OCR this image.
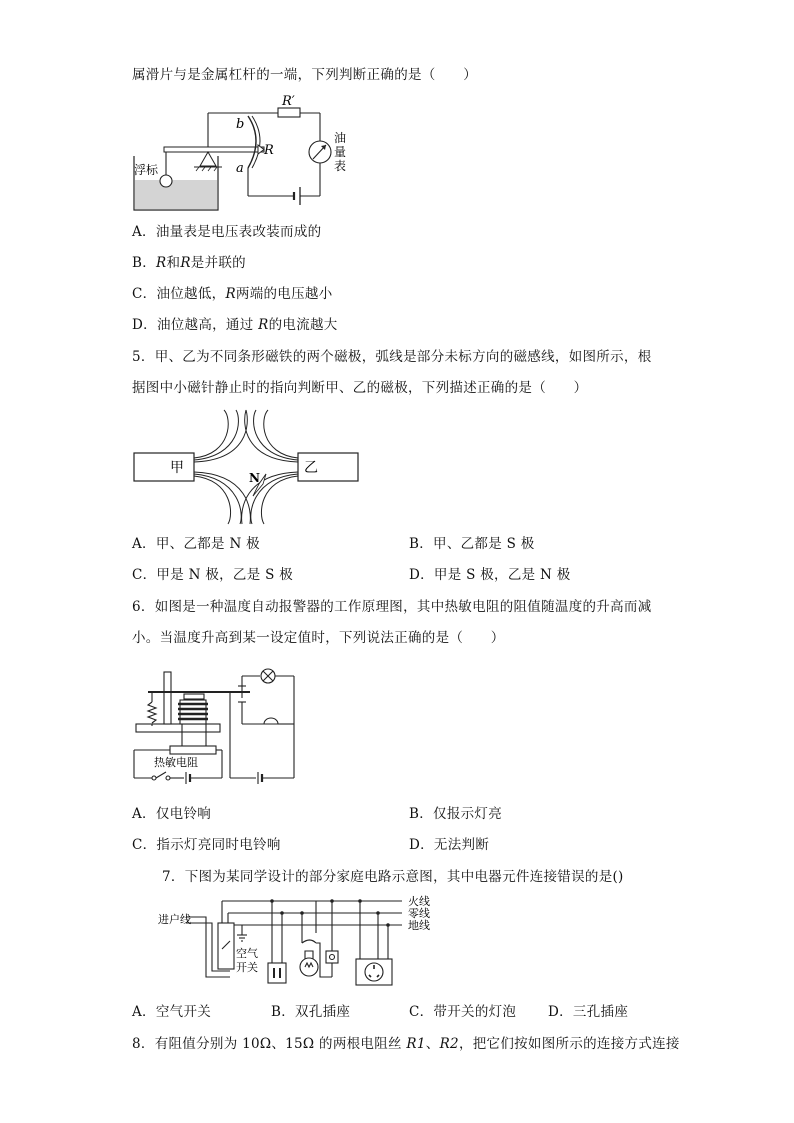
属滑片与是金属杠杆的一端，下列判断正确的是（　　）
R′
b
R
a
浮标
油
量
表
A．油量表是电压表改装而成的
B．R和R是并联的
C．油位越低，R两端的电压越小
D．油位越高，通过 R的电流越大
5．甲、乙为不同条形磁铁的两个磁极，弧线是部分未标方向的磁感线，如图所示，根
据图中小磁针静止时的指向判断甲、乙的磁极，下列描述正确的是（　　）
甲	乙
N
A．甲、乙都是 N 极	B．甲、乙都是 S 极
C．甲是 N 极，乙是 S 极	D．甲是 S 极，乙是 N 极
6．如图是一种温度自动报警器的工作原理图，其中热敏电阻的阻值随温度的升高而减
小。当温度升高到某一设定值时，下列说法正确的是（　　）
热敏电阻
A．仅电铃响	B．仅报示灯亮
C．指示灯亮同时电铃响	D．无法判断
7．下图为某同学设计的部分家庭电路示意图，其中电器元件连接错误的是()
进户线
火线
零线
地线
空气
开关
A．空气开关	B．双孔插座	C．带开关的灯泡 D．三孔插座
8．有阻值分别为 10Ω、15Ω 的两根电阻丝 R1、R2，把它们按如图所示的连接方式连接
